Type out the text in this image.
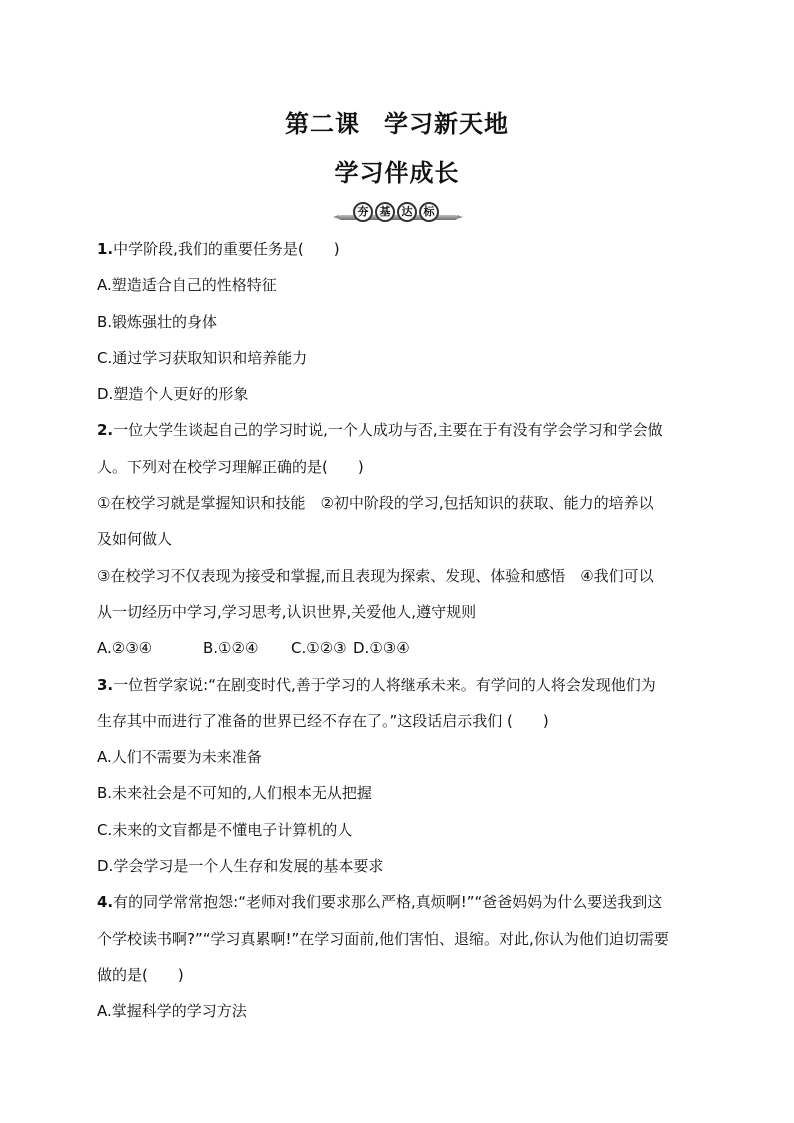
第二课 学习新天地
学习伴成长
夯	基	达	标
1.中学阶段,我们的重要任务是(　　)
A.塑造适合自己的性格特征
B.锻炼强壮的身体
C.通过学习获取知识和培养能力
D.塑造个人更好的形象
2.一位大学生谈起自己的学习时说,一个人成功与否,主要在于有没有学会学习和学会做
人。下列对在校学习理解正确的是(　　)
①在校学习就是掌握知识和技能　②初中阶段的学习,包括知识的获取、能力的培养以
及如何做人
③在校学习不仅表现为接受和掌握,而且表现为探索、发现、体验和感悟　④我们可以
从一切经历中学习,学习思考,认识世界,关爱他人,遵守规则
A.②③④	B.①②④ C.①②③ D.①③④
3.一位哲学家说:“在剧变时代,善于学习的人将继承未来。有学问的人将会发现他们为
生存其中而进行了准备的世界已经不存在了。”这段话启示我们 (　　)
A.人们不需要为未来准备
B.未来社会是不可知的,人们根本无从把握
C.未来的文盲都是不懂电子计算机的人
D.学会学习是一个人生存和发展的基本要求
4.有的同学常常抱怨:“老师对我们要求那么严格,真烦啊!”“爸爸妈妈为什么要送我到这
个学校读书啊?”“学习真累啊!”在学习面前,他们害怕、退缩。对此,你认为他们迫切需要
做的是(　　)
A.掌握科学的学习方法
